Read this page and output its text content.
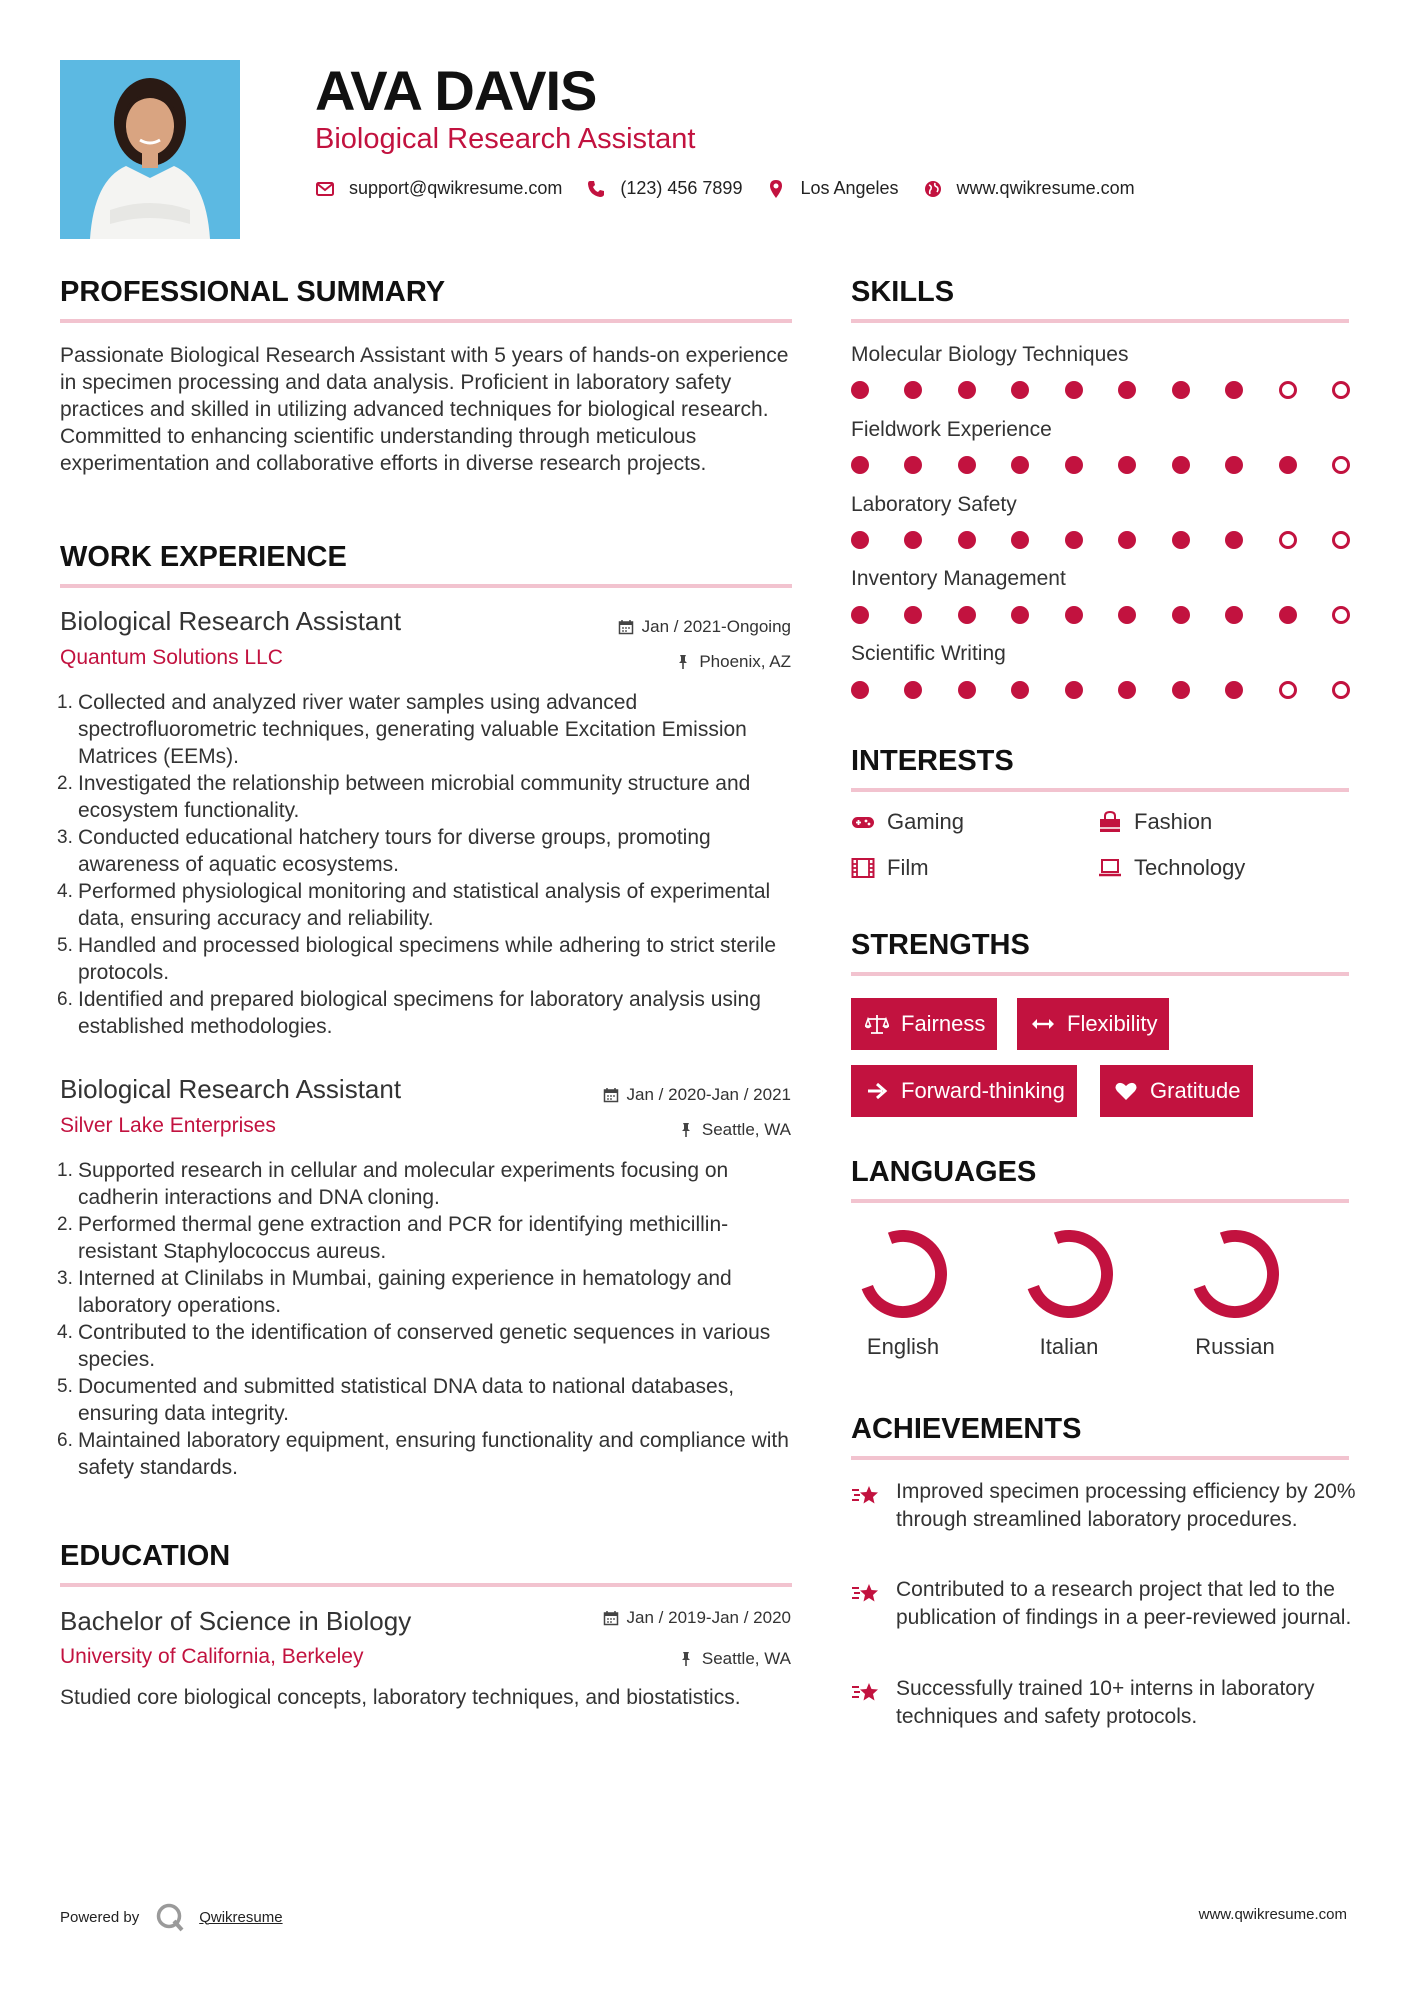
AVA DAVIS
Biological Research Assistant
support@qwikresume.com	(123) 456 7899	Los Angeles	www.qwikresume.com
PROFESSIONAL SUMMARY
Passionate Biological Research Assistant with 5 years of hands-on experience in specimen processing and data analysis. Proficient in laboratory safety practices and skilled in utilizing advanced techniques for biological research. Committed to enhancing scientific understanding through meticulous experimentation and collaborative efforts in diverse research projects.
WORK EXPERIENCE
Biological Research Assistant	Jan / 2021-Ongoing
Quantum Solutions LLC	Phoenix, AZ
1. Collected and analyzed river water samples using advanced spectrofluorometric techniques, generating valuable Excitation Emission Matrices (EEMs).
2. Investigated the relationship between microbial community structure and ecosystem functionality.
3. Conducted educational hatchery tours for diverse groups, promoting awareness of aquatic ecosystems.
4. Performed physiological monitoring and statistical analysis of experimental data, ensuring accuracy and reliability.
5. Handled and processed biological specimens while adhering to strict sterile protocols.
6. Identified and prepared biological specimens for laboratory analysis using established methodologies.
Biological Research Assistant	Jan / 2020-Jan / 2021
Silver Lake Enterprises	Seattle, WA
1. Supported research in cellular and molecular experiments focusing on cadherin interactions and DNA cloning.
2. Performed thermal gene extraction and PCR for identifying methicillin-resistant Staphylococcus aureus.
3. Interned at Clinilabs in Mumbai, gaining experience in hematology and laboratory operations.
4. Contributed to the identification of conserved genetic sequences in various species.
5. Documented and submitted statistical DNA data to national databases, ensuring data integrity.
6. Maintained laboratory equipment, ensuring functionality and compliance with safety standards.
EDUCATION
Bachelor of Science in Biology	Jan / 2019-Jan / 2020
University of California, Berkeley	Seattle, WA
Studied core biological concepts, laboratory techniques, and biostatistics.
SKILLS
Molecular Biology Techniques
Fieldwork Experience
Laboratory Safety
Inventory Management
Scientific Writing
INTERESTS
Gaming	Fashion
Film	Technology
STRENGTHS
Fairness	Flexibility
Forward-thinking	Gratitude
LANGUAGES
English	Italian	Russian
ACHIEVEMENTS
Improved specimen processing efficiency by 20% through streamlined laboratory procedures.
Contributed to a research project that led to the publication of findings in a peer-reviewed journal.
Successfully trained 10+ interns in laboratory techniques and safety protocols.
Powered by	Qwikresume	www.qwikresume.com
